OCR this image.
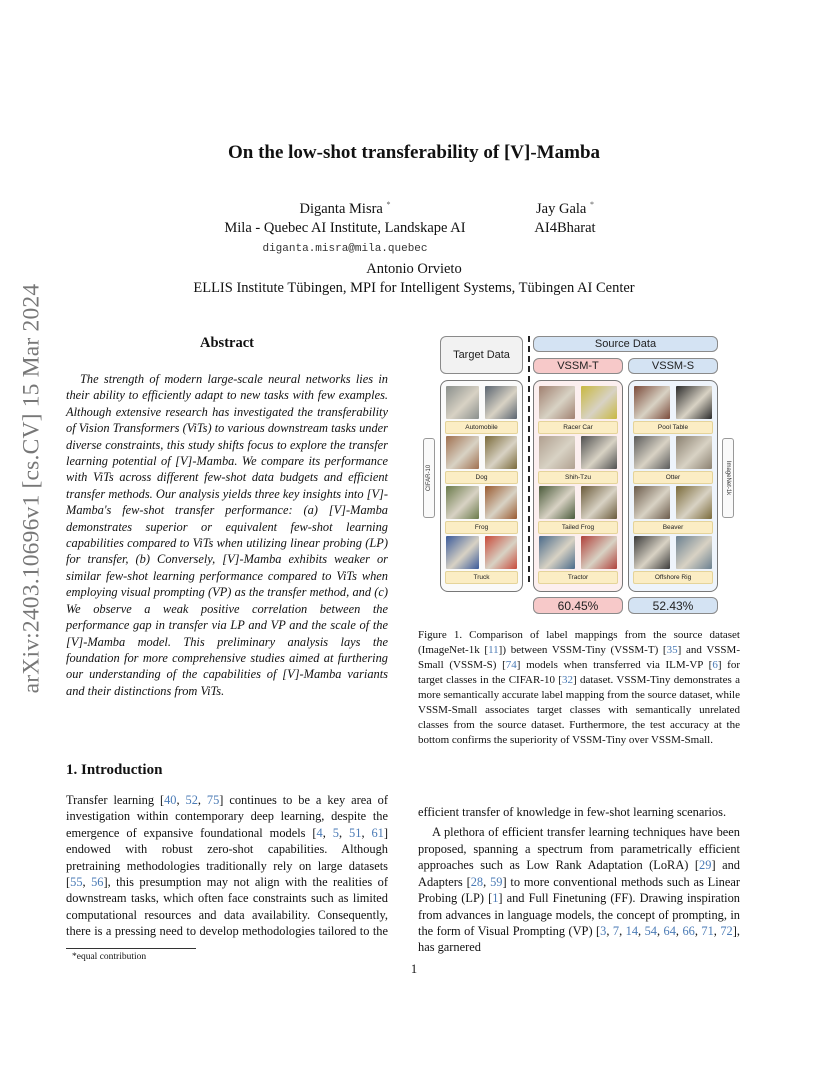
arXiv:2403.10696v1 [cs.CV] 15 Mar 2024
On the low-shot transferability of [V]-Mamba
Diganta Misra *
Mila - Quebec AI Institute, Landskape AI
diganta.misra@mila.quebec
Jay Gala *
AI4Bharat
Antonio Orvieto
ELLIS Institute Tübingen, MPI for Intelligent Systems, Tübingen AI Center
Abstract
The strength of modern large-scale neural networks lies in their ability to efficiently adapt to new tasks with few examples. Although extensive research has investigated the transferability of Vision Transformers (ViTs) to various downstream tasks under diverse constraints, this study shifts focus to explore the transfer learning potential of [V]-Mamba. We compare its performance with ViTs across different few-shot data budgets and efficient transfer methods. Our analysis yields three key insights into [V]-Mamba's few-shot transfer performance: (a) [V]-Mamba demonstrates superior or equivalent few-shot learning capabilities compared to ViTs when utilizing linear probing (LP) for transfer, (b) Conversely, [V]-Mamba exhibits weaker or similar few-shot learning performance compared to ViTs when employing visual prompting (VP) as the transfer method, and (c) We observe a weak positive correlation between the performance gap in transfer via LP and VP and the scale of the [V]-Mamba model. This preliminary analysis lays the foundation for more comprehensive studies aimed at furthering our understanding of the capabilities of [V]-Mamba variants and their distinctions from ViTs.
1. Introduction

Transfer learning [40, 52, 75] continues to be a key area of investigation within contemporary deep learning, despite the emergence of expansive foundational models [4, 5, 51, 61] endowed with robust zero-shot capabilities. Although pretraining methodologies traditionally rely on large datasets [55, 56], this presumption may not align with the realities of downstream tasks, which often face constraints such as limited computational resources and data availability. Consequently, there is a pressing need to develop methodologies tailored to the

efficient transfer of knowledge in few-shot learning scenarios.

A plethora of efficient transfer learning techniques have been proposed, spanning a spectrum from parametrically efficient approaches such as Low Rank Adaptation (LoRA) [29] and Adapters [28, 59] to more conventional methods such as Linear Probing (LP) [1] and Full Finetuning (FF). Drawing inspiration from advances in language models, the concept of prompting, in the form of Visual Prompting (VP) [3, 7, 14, 54, 64, 66, 71, 72], has garnered

*equal contribution
1
Target Data
Source Data
VSSM-T	VSSM-S
CIFAR-10	ImageNet-1k
Automobile
Dog
Frog
Truck
Racer Car
Shih-Tzu
Tailed Frog
Tractor
Pool Table
Otter
Beaver
Offshore Rig
60.45%	52.43%
Figure 1. Comparison of label mappings from the source dataset (ImageNet-1k [11]) between VSSM-Tiny (VSSM-T) [35] and VSSM-Small (VSSM-S) [74] models when transferred via ILM-VP [6] for target classes in the CIFAR-10 [32] dataset. VSSM-Tiny demonstrates a more semantically accurate label mapping from the source dataset, while VSSM-Small associates target classes with semantically unrelated classes from the source dataset. Furthermore, the test accuracy at the bottom confirms the superiority of VSSM-Tiny over VSSM-Small.
